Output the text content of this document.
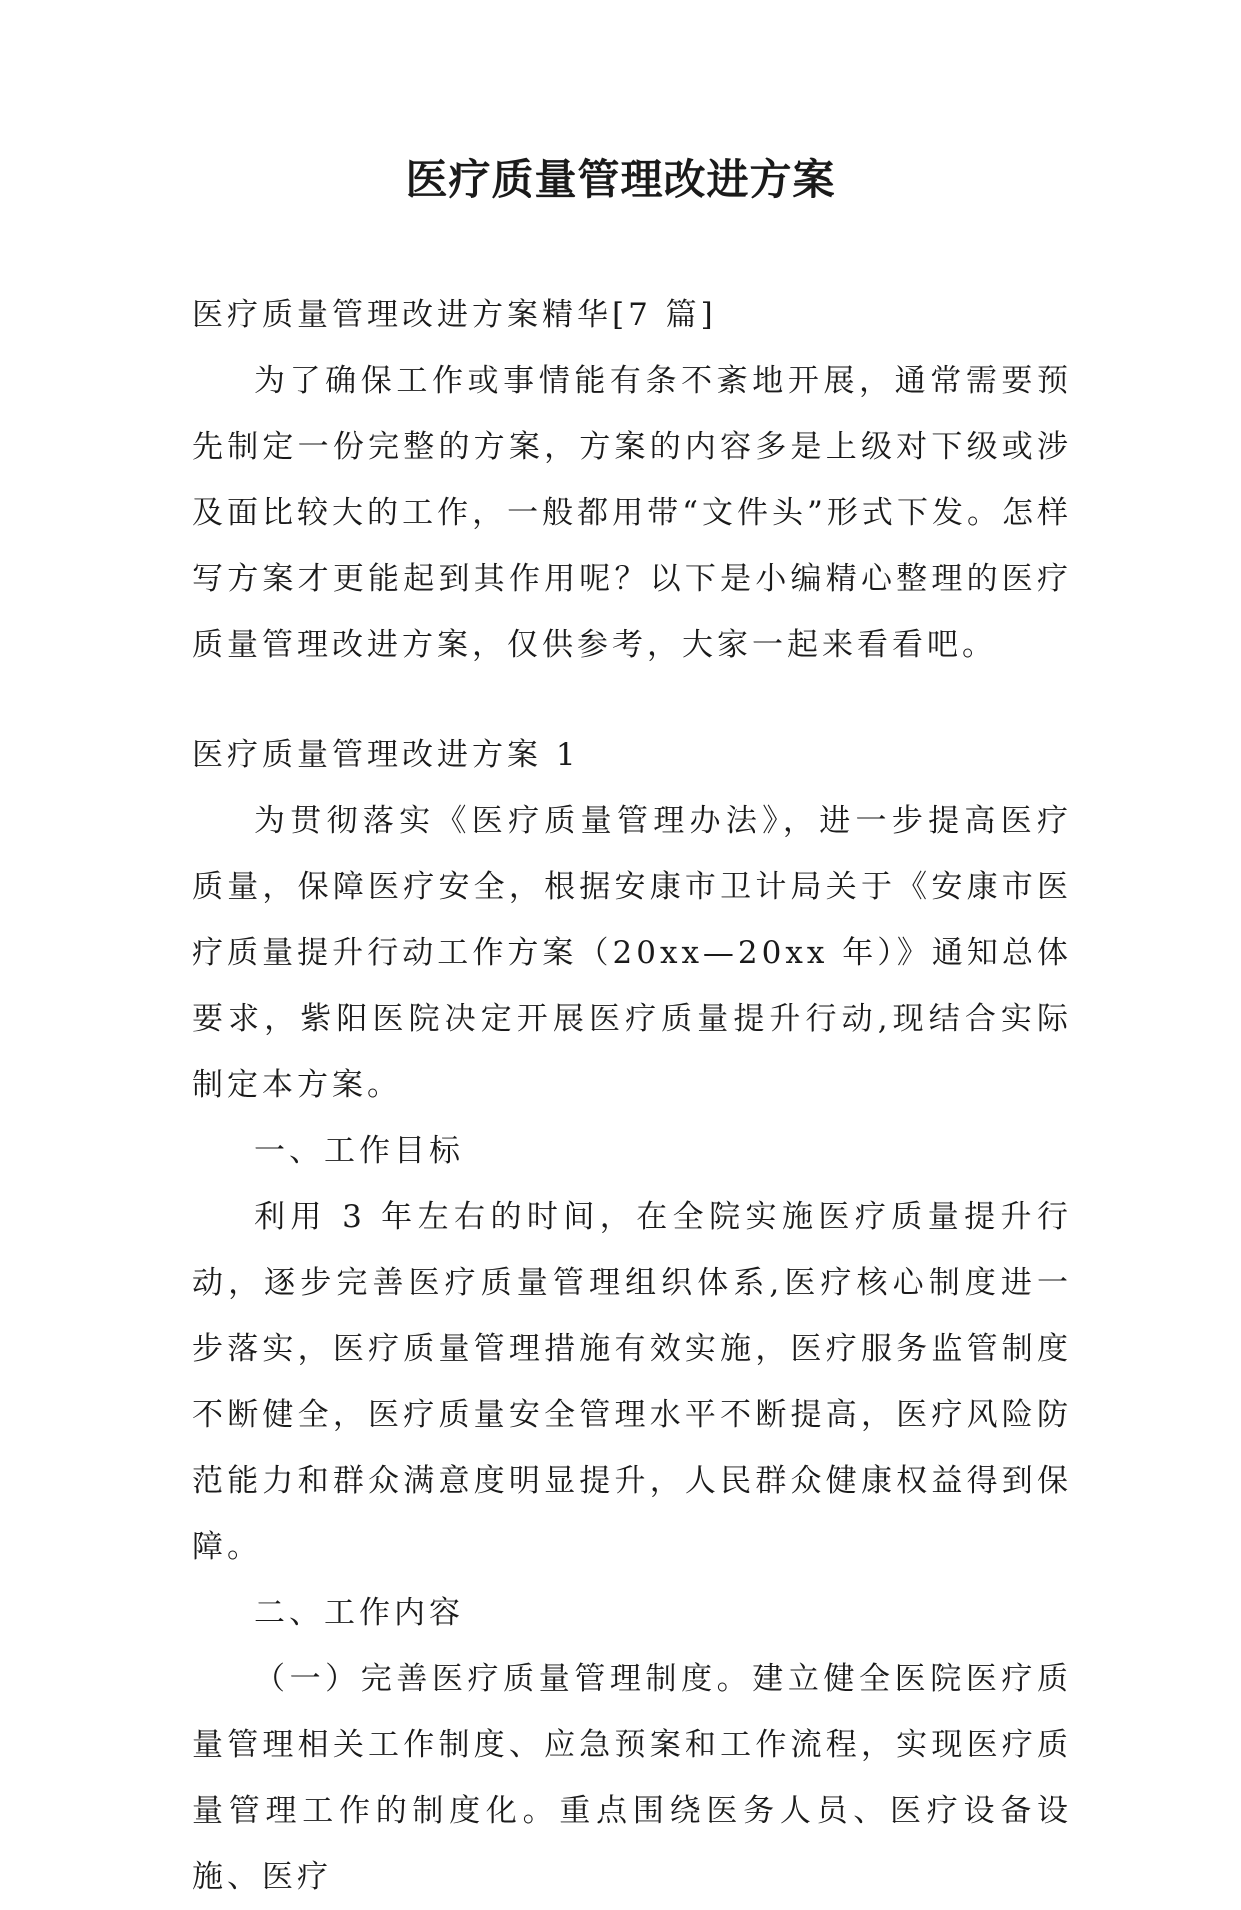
医疗质量管理改进方案

医疗质量管理改进方案精华[7 篇]

为了确保工作或事情能有条不紊地开展，通常需要预先制定一份完整的方案，方案的内容多是上级对下级或涉及面比较大的工作，一般都用带“文件头”形式下发。怎样写方案才更能起到其作用呢？以下是小编精心整理的医疗质量管理改进方案，仅供参考，大家一起来看看吧。

医疗质量管理改进方案 1

为贯彻落实《医疗质量管理办法》，进一步提高医疗质量，保障医疗安全，根据安康市卫计局关于《安康市医疗质量提升行动工作方案（20xx—20xx 年）》通知总体要求，紫阳医院决定开展医疗质量提升行动,现结合实际制定本方案。

一、工作目标

利用 3 年左右的时间，在全院实施医疗质量提升行动，逐步完善医疗质量管理组织体系,医疗核心制度进一步落实，医疗质量管理措施有效实施，医疗服务监管制度不断健全，医疗质量安全管理水平不断提高，医疗风险防范能力和群众满意度明显提升，人民群众健康权益得到保障。

二、工作内容

（一）完善医疗质量管理制度。建立健全医院医疗质量管理相关工作制度、应急预案和工作流程，实现医疗质量管理工作的制度化。重点围绕医务人员、医疗设备设施、医疗
